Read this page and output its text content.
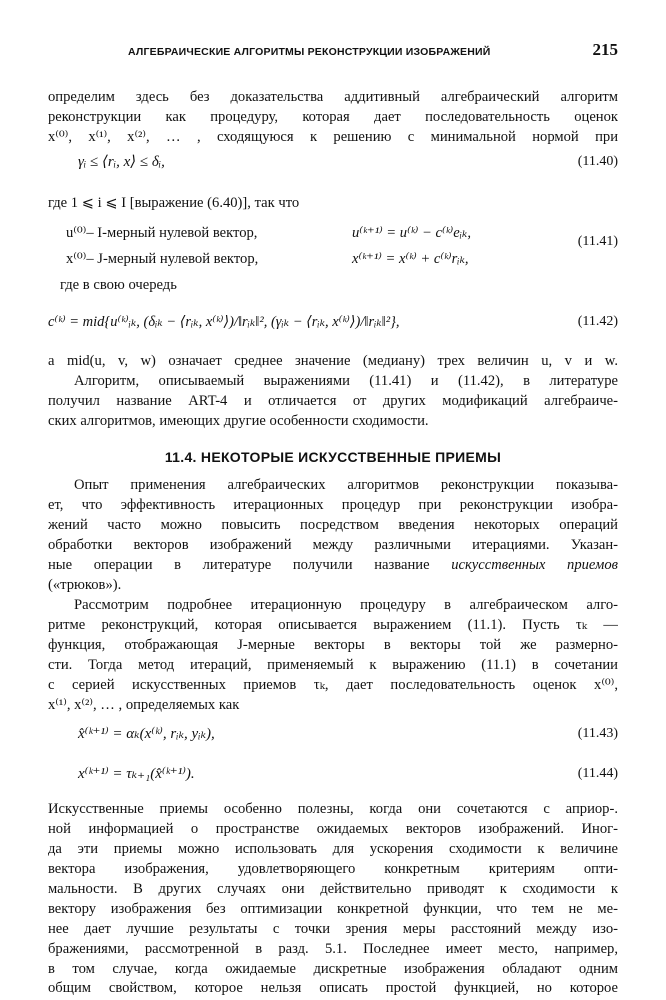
АЛГЕБРАИЧЕСКИЕ АЛГОРИТМЫ РЕКОНСТРУКЦИИ ИЗОБРАЖЕНИЙ	215
определим здесь без доказательства аддитивный алгебраический алгоритм
реконструкции как процедуру, которая дает последовательность оценок
x⁽⁰⁾, x⁽¹⁾, x⁽²⁾, … , сходящуюся к решению с минимальной нормой при
γᵢ ≤ ⟨rᵢ, x⟩ ≤ δᵢ,	(11.40)
где 1 ⩽ i ⩽ I [выражение (6.40)], так что
u⁽⁰⁾– I-мерный нулевой вектор,
x⁽⁰⁾– J-мерный нулевой вектор,
u⁽ᵏ⁺¹⁾ = u⁽ᵏ⁾ − c⁽ᵏ⁾eᵢₖ,
x⁽ᵏ⁺¹⁾ = x⁽ᵏ⁾ + c⁽ᵏ⁾rᵢₖ,
(11.41)
где в свою очередь
c⁽ᵏ⁾ = mid{u⁽ᵏ⁾ᵢₖ, (δᵢₖ − ⟨rᵢₖ, x⁽ᵏ⁾⟩)/‖rᵢₖ‖², (γᵢₖ − ⟨rᵢₖ, x⁽ᵏ⁾⟩)/‖rᵢₖ‖²},	(11.42)
а mid(u, v, w) означает среднее значение (медиану) трех величин u, v и w.
Алгоритм, описываемый выражениями (11.41) и (11.42), в литературе
получил название ART-4 и отличается от других модификаций алгебраиче-
ских алгоритмов, имеющих другие особенности сходимости.
11.4. НЕКОТОРЫЕ ИСКУССТВЕННЫЕ ПРИЕМЫ
Опыт применения алгебраических алгоритмов реконструкции показыва-
ет, что эффективность итерационных процедур при реконструкции изобра-
жений часто можно повысить посредством введения некоторых операций
обработки векторов изображений между различными итерациями. Указан-
ные операции в литературе получили название искусственных приемов
(«трюков»).
Рассмотрим подробнее итерационную процедуру в алгебраическом алго-
ритме реконструкций, которая описывается выражением (11.1). Пусть τₖ —
функция, отображающая J-мерные векторы в векторы той же размерно-
сти. Тогда метод итераций, применяемый к выражению (11.1) в сочетании
с серией искусственных приемов τₖ, дает последовательность оценок x⁽⁰⁾,
x⁽¹⁾, x⁽²⁾, … , определяемых как
x̂⁽ᵏ⁺¹⁾ = αₖ(x⁽ᵏ⁾, rᵢₖ, yᵢₖ),	(11.43)
x⁽ᵏ⁺¹⁾ = τₖ₊₁(x̂⁽ᵏ⁺¹⁾).	(11.44)
Искусственные приемы особенно полезны, когда они сочетаются с априор-.
ной информацией о пространстве ожидаемых векторов изображений. Иног-
да эти приемы можно использовать для ускорения сходимости к величине
вектора изображения, удовлетворяющего конкретным критериям опти-
мальности. В других случаях они действительно приводят к сходимости к
вектору изображения без оптимизации конкретной функции, что тем не ме-
нее дает лучшие результаты с точки зрения меры расстояний между изо-
бражениями, рассмотренной в разд. 5.1. Последнее имеет место, например,
в том случае, когда ожидаемые дискретные изображения обладают одним
общим свойством, которое нельзя описать простой функцией, но которое
